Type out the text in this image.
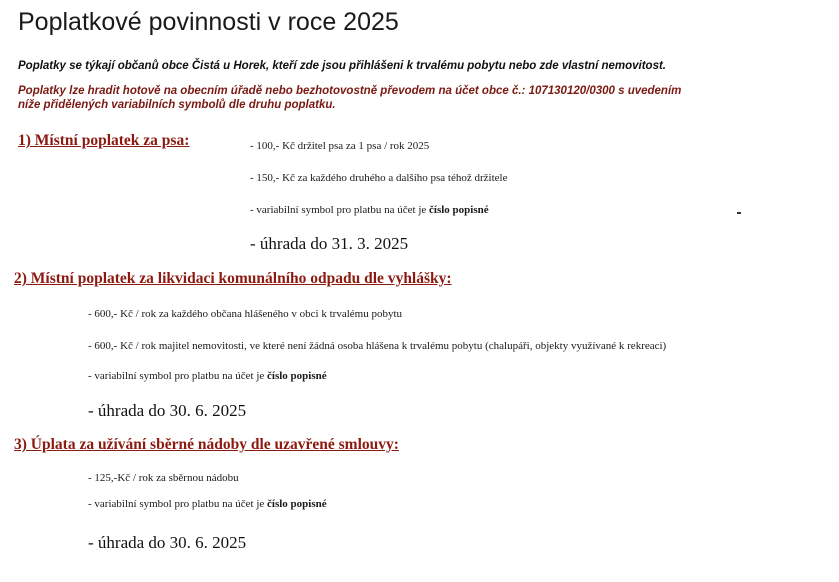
Poplatkové povinnosti v roce 2025
Poplatky se týkají občanů obce Čistá u Horek, kteří zde jsou přihlášeni k trvalému pobytu nebo zde vlastní nemovitost.
Poplatky lze hradit hotově na obecním úřadě nebo bezhotovostně převodem na účet obce č.: 107130120/0300 s uvedením
níže přidělených variabilních symbolů dle druhu poplatku.
1) Místní poplatek za psa:	- 100,- Kč držitel psa za 1 psa / rok 2025
- 150,- Kč za každého druhého a dalšího psa téhož držitele
- variabilní symbol pro platbu na účet je číslo popisné
- úhrada do 31. 3. 2025
2) Místní poplatek za likvidaci komunálního odpadu dle vyhlášky:
- 600,- Kč / rok za každého občana hlášeného v obci k trvalému pobytu
- 600,- Kč / rok majitel nemovitosti, ve které není žádná osoba hlášena k trvalému pobytu (chalupáři, objekty využívané k rekreaci)
- variabilní symbol pro platbu na účet je číslo popisné
- úhrada do 30. 6. 2025
3) Úplata za užívání sběrné nádoby dle uzavřené smlouvy:
- 125,-Kč / rok za sběrnou nádobu
- variabilní symbol pro platbu na účet je číslo popisné
- úhrada do 30. 6. 2025
